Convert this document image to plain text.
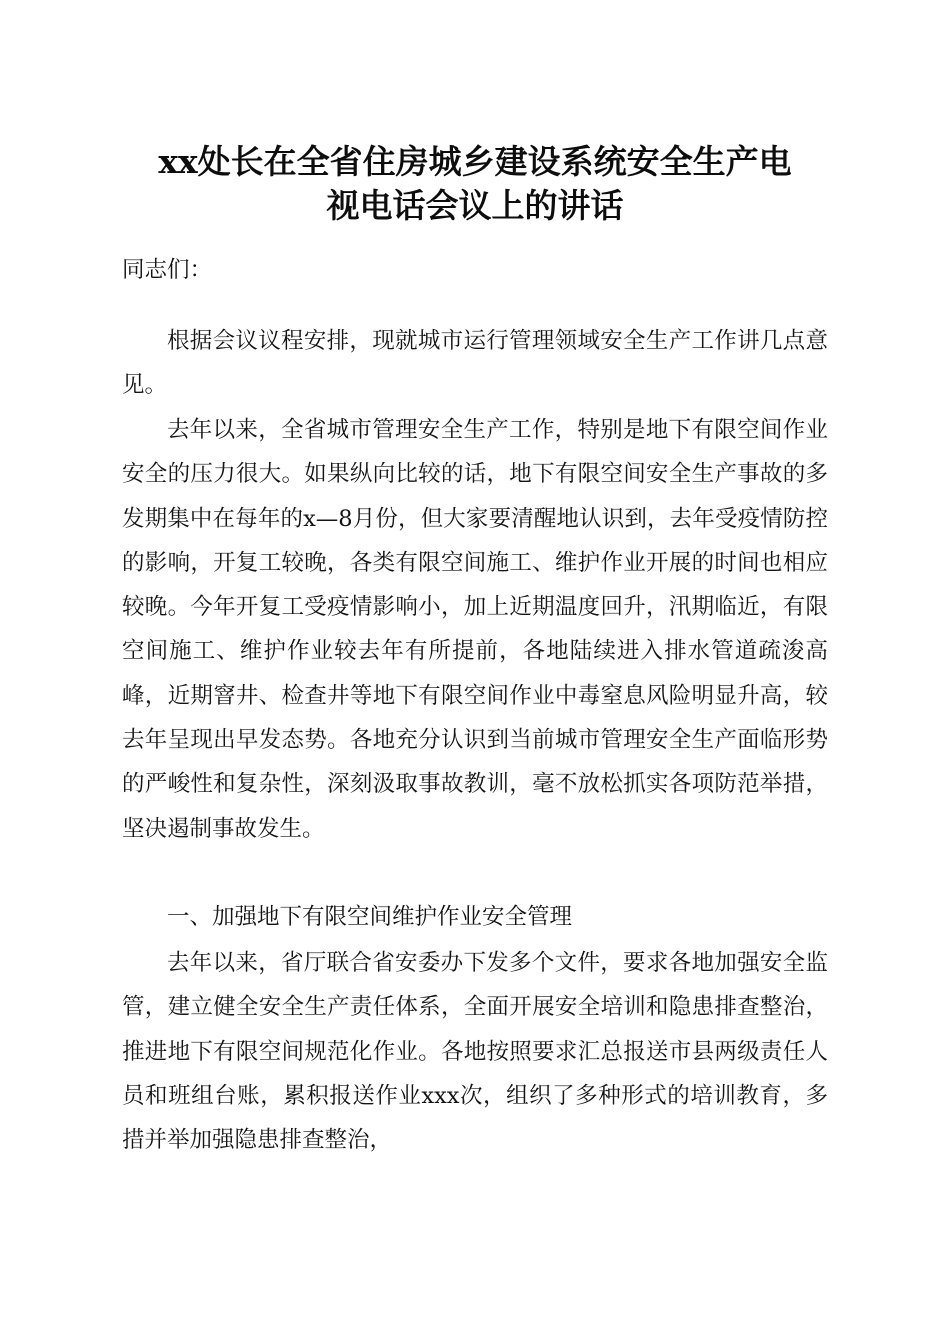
xx处长在全省住房城乡建设系统安全生产电
视电话会议上的讲话
同志们：

根据会议议程安排，现就城市运行管理领域安全生产工作讲几点意见。

去年以来，全省城市管理安全生产工作，特别是地下有限空间作业安全的压力很大。如果纵向比较的话，地下有限空间安全生产事故的多发期集中在每年的x—8月份，但大家要清醒地认识到，去年受疫情防控的影响，开复工较晚，各类有限空间施工、维护作业开展的时间也相应较晚。今年开复工受疫情影响小，加上近期温度回升，汛期临近，有限空间施工、维护作业较去年有所提前，各地陆续进入排水管道疏浚高峰，近期窨井、检查井等地下有限空间作业中毒窒息风险明显升高，较去年呈现出早发态势。各地充分认识到当前城市管理安全生产面临形势的严峻性和复杂性，深刻汲取事故教训，毫不放松抓实各项防范举措，坚决遏制事故发生。

一、加强地下有限空间维护作业安全管理

去年以来，省厅联合省安委办下发多个文件，要求各地加强安全监管，建立健全安全生产责任体系，全面开展安全培训和隐患排查整治，推进地下有限空间规范化作业。各地按照要求汇总报送市县两级责任人员和班组台账，累积报送作业xxx次，组织了多种形式的培训教育，多措并举加强隐患排查整治，
